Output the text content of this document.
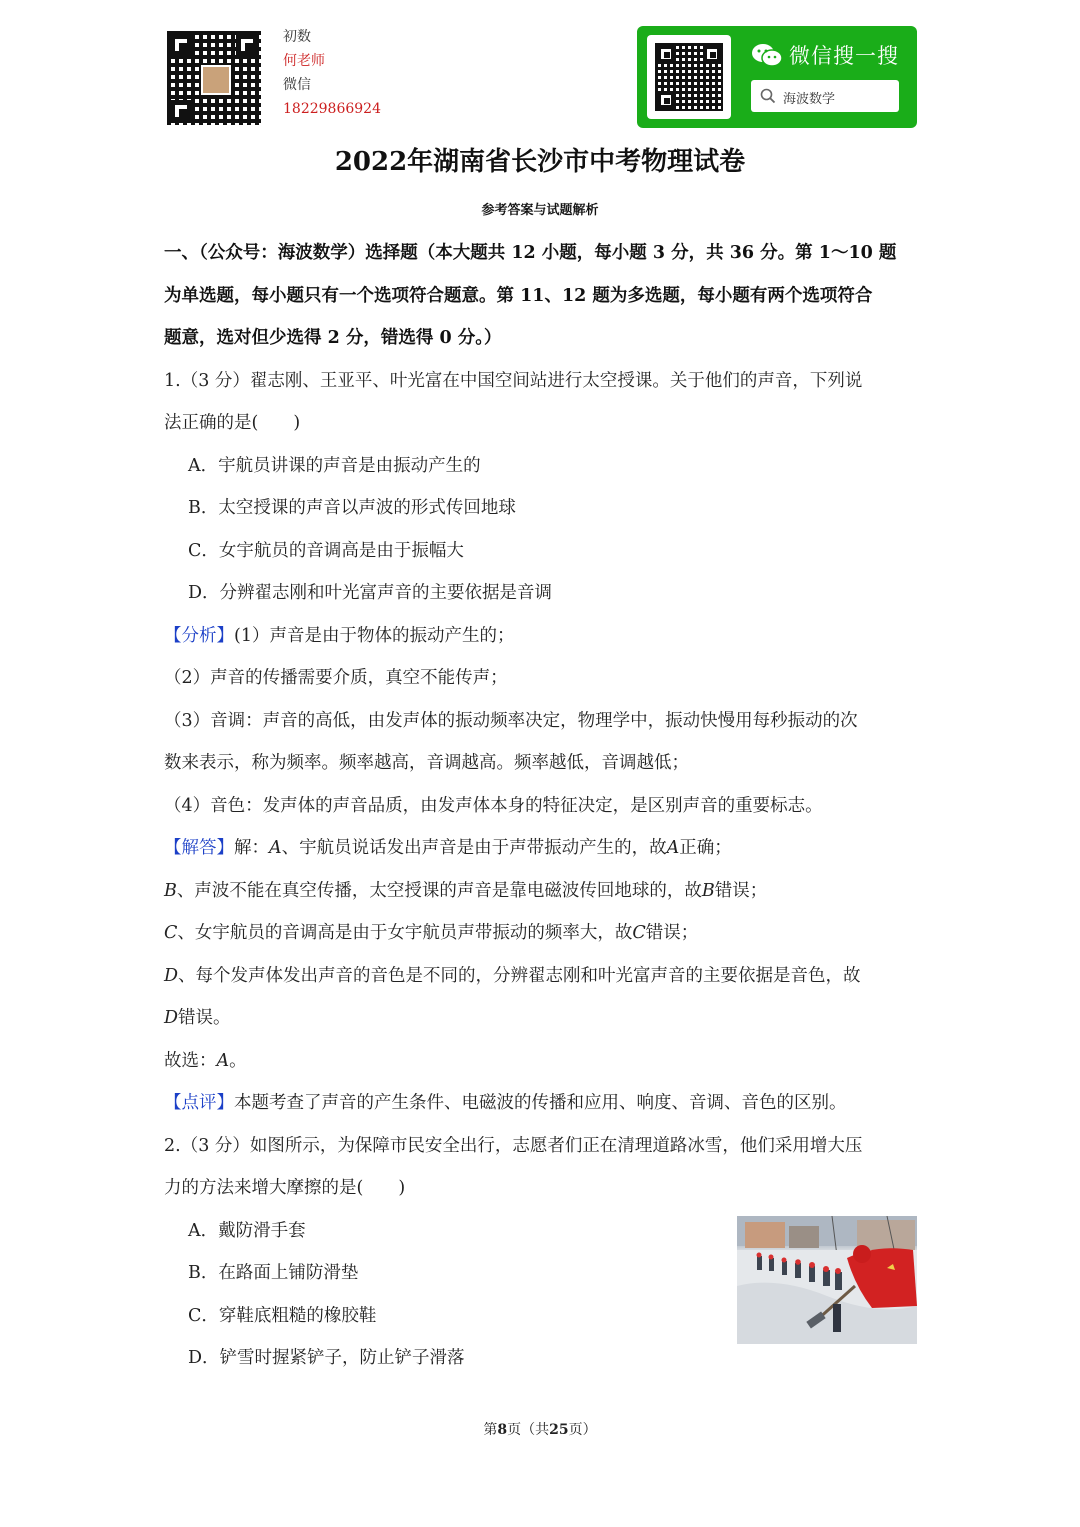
初数
何老师
微信
18229866924
微信搜一搜
海波数学
2022年湖南省长沙市中考物理试卷
参考答案与试题解析
一、（公众号：海波数学）选择题（本大题共 12 小题，每小题 3 分，共 36 分。第 1～10 题
为单选题，每小题只有一个选项符合题意。第 11、12 题为多选题，每小题有两个选项符合
题意，选对但少选得 2 分，错选得 0 分。）
1.（3 分）翟志刚、王亚平、叶光富在中国空间站进行太空授课。关于他们的声音，下列说
法正确的是(　　)
A．宇航员讲课的声音是由振动产生的
B．太空授课的声音以声波的形式传回地球
C．女宇航员的音调高是由于振幅大
D．分辨翟志刚和叶光富声音的主要依据是音调
【分析】(1）声音是由于物体的振动产生的；
（2）声音的传播需要介质，真空不能传声；
（3）音调：声音的高低，由发声体的振动频率决定，物理学中，振动快慢用每秒振动的次
数来表示，称为频率。频率越高，音调越高。频率越低，音调越低；
（4）音色：发声体的声音品质，由发声体本身的特征决定，是区别声音的重要标志。
【解答】解：𝐴、宇航员说话发出声音是由于声带振动产生的，故𝐴正确；
𝐵、声波不能在真空传播，太空授课的声音是靠电磁波传回地球的，故𝐵错误；
𝐶、女宇航员的音调高是由于女宇航员声带振动的频率大，故𝐶错误；
𝐷、每个发声体发出声音的音色是不同的，分辨翟志刚和叶光富声音的主要依据是音色，故
𝐷错误。
故选：𝐴。
【点评】本题考查了声音的产生条件、电磁波的传播和应用、响度、音调、音色的区别。
2.（3 分）如图所示，为保障市民安全出行，志愿者们正在清理道路冰雪，他们采用增大压
力的方法来增大摩擦的是(　　)
A．戴防滑手套
B．在路面上铺防滑垫
C．穿鞋底粗糙的橡胶鞋
D．铲雪时握紧铲子，防止铲子滑落
第8页（共25页）
